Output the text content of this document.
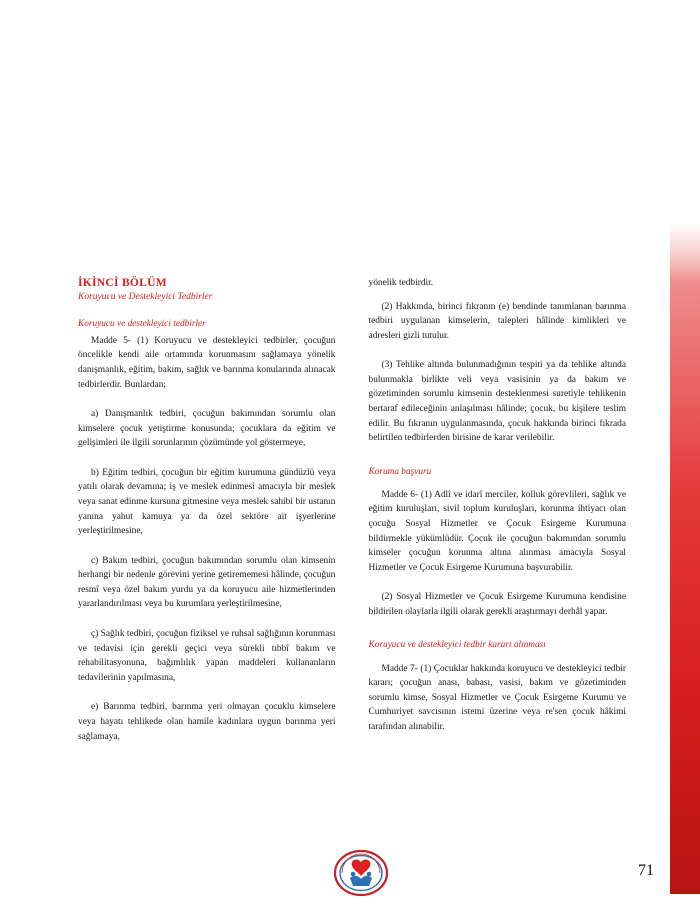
İKİNCİ BÖLÜM
Koruyucu ve Destekleyici Tedbirler
Koruyucu ve destekleyici tedbirler

Madde 5- (1) Koruyucu ve destekleyici tedbirler, çocuğun öncelikle kendi aile ortamında korunmasını sağlamaya yönelik danışmanlık, eğitim, bakım, sağlık ve barınma konularında alınacak tedbirlerdir. Bunlardan;

a) Danışmanlık tedbiri, çocuğun bakımından sorumlu olan kimselere çocuk yetiştirme konusunda; çocuklara da eğitim ve gelişimleri ile ilgili sorunlarının çözümünde yol göstermeye,

b) Eğitim tedbiri, çocuğun bir eğitim kurumuna gündüzlü veya yatılı olarak devamına; iş ve meslek edinmesi amacıyla bir meslek veya sanat edinme kursuna gitmesine veya meslek sahibi bir ustanın yanına yahut kamuya ya da özel sektöre ait işyerlerine yerleştirilmesine,

c) Bakım tedbiri, çocuğun bakımından sorumlu olan kimsenin herhangi bir nedenle görevini yerine getirememesi hâlinde, çocuğun resmî veya özel bakım yurdu ya da koruyucu aile hizmetlerinden yararlandırılması veya bu kurumlara yerleştirilmesine,

ç) Sağlık tedbiri, çocuğun fiziksel ve ruhsal sağlığının korunması ve tedavisi için gerekli geçici veya sürekli tıbbî bakım ve rehabilitasyonuna, bağımlılık yapan maddeleri kullananların tedavilerinin yapılmasına,

e) Barınma tedbiri, barınma yeri olmayan çocuklu kimselere veya hayatı tehlikede olan hamile kadınlara uygun barınma yeri sağlamaya,

yönelik tedbirdir.

(2) Hakkında, birinci fıkranın (e) bendinde tanımlanan barınma tedbiri uygulanan kimselerin, talepleri hâlinde kimlikleri ve adresleri gizli tutulur.

(3) Tehlike altında bulunmadığının tespiti ya da tehlike altında bulunmakla birlikte veli veya vasisinin ya da bakım ve gözetiminden sorumlu kimsenin desteklenmesi suretiyle tehlikenin bertaraf edileceğinin anlaşılması hâlinde; çocuk, bu kişilere teslim edilir. Bu fıkranın uygulanmasında, çocuk hakkında birinci fıkrada belirtilen tedbirlerden birisine de karar verilebilir.

Koruma başvuru

Madde 6- (1) Adlî ve idarî merciler, kolluk görevlileri, sağlık ve eğitim kuruluşları, sivil toplum kuruluşları, korunma ihtiyacı olan çocuğu Sosyal Hizmetler ve Çocuk Esirgeme Kurumuna bildirmekle yükümlüdür. Çocuk ile çocuğun bakımından sorumlu kimseler çocuğun korunma altına alınması amacıyla Sosyal Hizmetler ve Çocuk Esirgeme Kurumuna başvurabilir.

(2) Sosyal Hizmetler ve Çocuk Esirgeme Kurumuna kendisine bildirilen olaylarla ilgili olarak gerekli araştırmayı derhâl yapar.

Koruyucu ve destekleyici tedbir kararı alınması

Madde 7- (1) Çocuklar hakkında koruyucu ve destekleyici tedbir kararı; çocuğun anası, babası, vasisi, bakım ve gözetiminden sorumlu kimse, Sosyal Hizmetler ve Çocuk Esirgeme Kurumu ve Cumhuriyet savcısının istemi üzerine veya re'sen çocuk hâkimi tarafından alınabilir.

71
